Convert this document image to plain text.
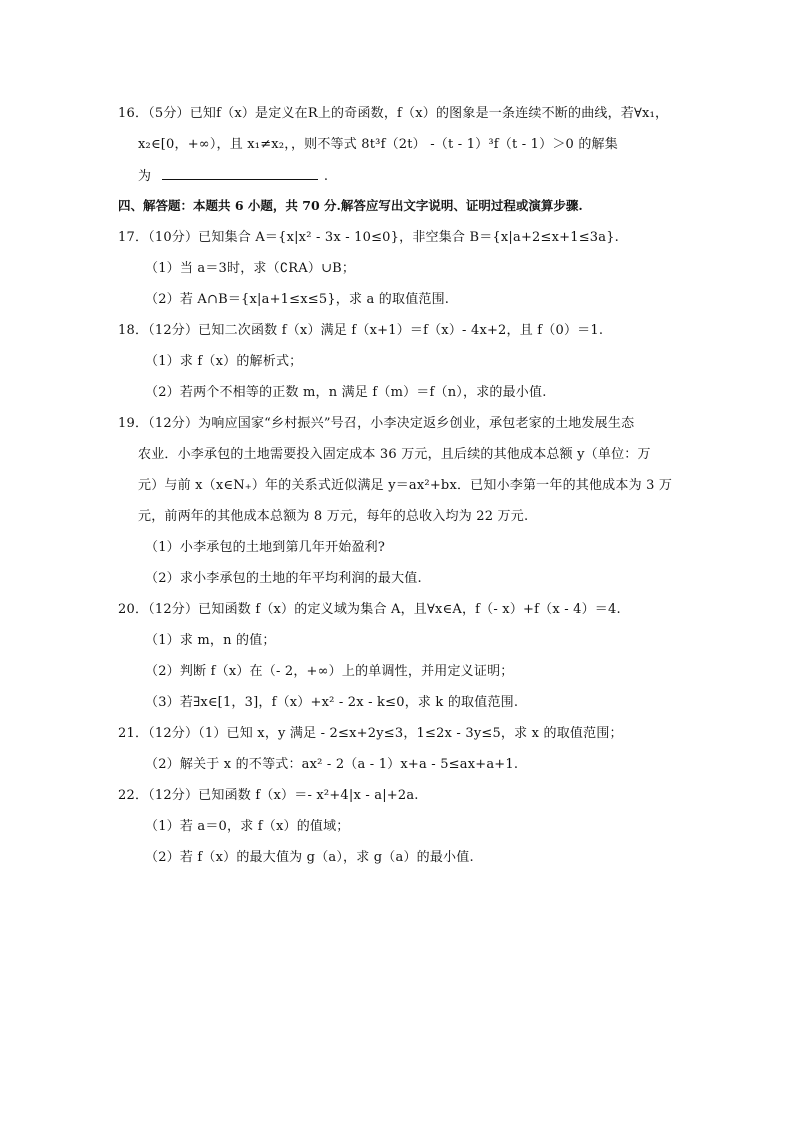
16．（5分）已知f（x）是定义在R上的奇函数，f（x）的图象是一条连续不断的曲线，若∀x₁，
x₂∈[0，+∞），且 x₁≠x₂，，则不等式 8t³f（2t） -（t - 1）³f（t - 1）＞0 的解集
为	.
四、解答题：本题共 6 小题，共 70 分.解答应写出文字说明、证明过程或演算步骤.
17．（10分）已知集合 A＝{x|x² - 3x - 10≤0}，非空集合 B＝{x|a+2≤x+1≤3a}.
（1）当 a＝3时，求（∁RA）∪B；
（2）若 A∩B＝{x|a+1≤x≤5}，求 a 的取值范围.
18．（12分）已知二次函数 f（x）满足 f（x+1）＝f（x）- 4x+2，且 f（0）＝1.
（1）求 f（x）的解析式；
（2）若两个不相等的正数 m，n 满足 f（m）＝f（n），求的最小值.
19．（12分）为响应国家“乡村振兴”号召，小李决定返乡创业，承包老家的土地发展生态
农业．小李承包的土地需要投入固定成本 36 万元，且后续的其他成本总额 y（单位：万
元）与前 x（x∈N₊）年的关系式近似满足 y＝ax²+bx．已知小李第一年的其他成本为 3 万
元，前两年的其他成本总额为 8 万元，每年的总收入均为 22 万元.
（1）小李承包的土地到第几年开始盈利?
（2）求小李承包的土地的年平均利润的最大值.
20．（12分）已知函数 f（x）的定义域为集合 A，且∀x∈A，f（- x）+f（x - 4）＝4.
（1）求 m，n 的值；
（2）判断 f（x）在（- 2，+∞）上的单调性，并用定义证明；
（3）若∃x∈[1，3]，f（x）+x² - 2x - k≤0，求 k 的取值范围.
21．（12分）（1）已知 x，y 满足 - 2≤x+2y≤3，1≤2x - 3y≤5，求 x 的取值范围；
（2）解关于 x 的不等式：ax² - 2（a - 1）x+a - 5≤ax+a+1.
22．（12分）已知函数 f（x）＝- x²+4|x - a|+2a.
（1）若 a＝0，求 f（x）的值域；
（2）若 f（x）的最大值为 g（a），求 g（a）的最小值.
